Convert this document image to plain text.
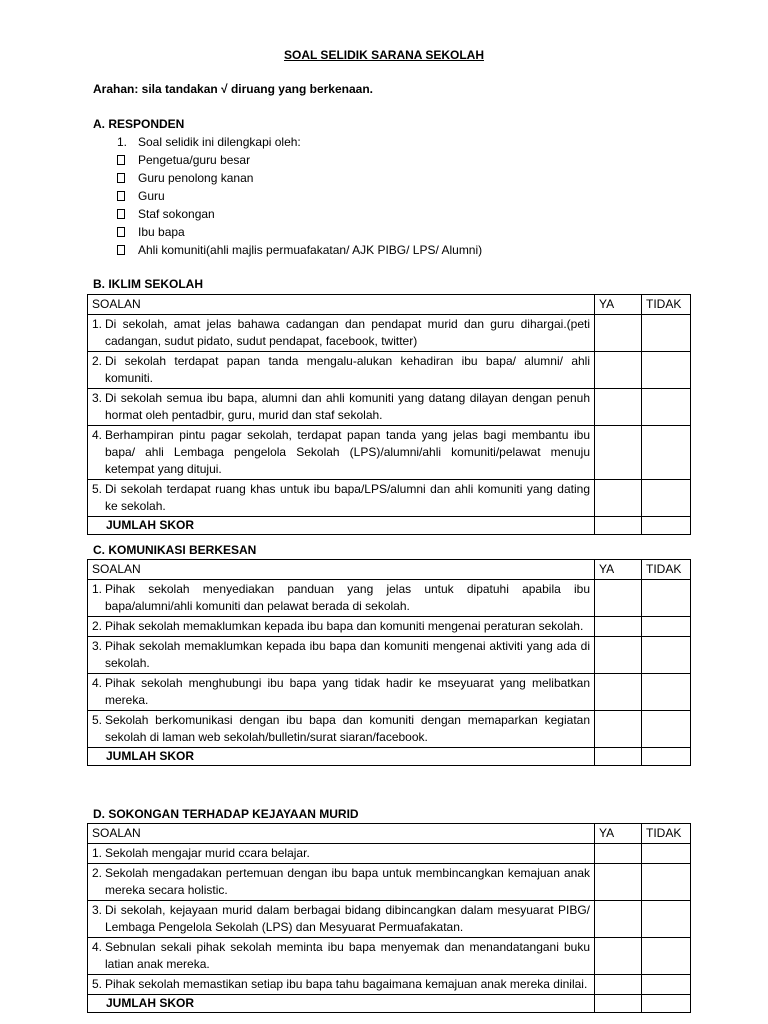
SOAL SELIDIK SARANA SEKOLAH
Arahan: sila tandakan √ diruang yang berkenaan.
A. RESPONDEN
1. Soal selidik ini dilengkapi oleh:
Pengetua/guru besar
Guru penolong kanan
Guru
Staf sokongan
Ibu bapa
Ahli komuniti(ahli majlis permuafakatan/ AJK PIBG/ LPS/ Alumni)
B. IKLIM SEKOLAH
SOALAN	YA	TIDAK

1. Di sekolah, amat jelas bahawa cadangan dan pendapat murid dan guru dihargai.(peti cadangan, sudut pidato, sudut pendapat, facebook, twitter)		

2. Di sekolah terdapat papan tanda mengalu-alukan kehadiran ibu bapa/ alumni/ ahli komuniti.		

3. Di sekolah semua ibu bapa, alumni dan ahli komuniti yang datang dilayan dengan penuh hormat oleh pentadbir, guru, murid dan staf sekolah.		

4. Berhampiran pintu pagar sekolah, terdapat papan tanda yang jelas bagi membantu ibu bapa/ ahli Lembaga pengelola Sekolah (LPS)/alumni/ahli komuniti/pelawat menuju ketempat yang ditujui.		

5. Di sekolah terdapat ruang khas untuk ibu bapa/LPS/alumni dan ahli komuniti yang dating ke sekolah.		

JUMLAH SKOR		
C. KOMUNIKASI BERKESAN
SOALAN	YA	TIDAK

1. Pihak sekolah menyediakan panduan yang jelas untuk dipatuhi apabila ibu bapa/alumni/ahli komuniti dan pelawat berada di sekolah.		

2. Pihak sekolah memaklumkan kepada ibu bapa dan komuniti mengenai peraturan sekolah.		

3. Pihak sekolah memaklumkan kepada ibu bapa dan komuniti mengenai aktiviti yang ada di sekolah.		

4. Pihak sekolah menghubungi ibu bapa yang tidak hadir ke mseyuarat yang melibatkan mereka.		

5. Sekolah berkomunikasi dengan ibu bapa dan komuniti dengan memaparkan kegiatan sekolah di laman web sekolah/bulletin/surat siaran/facebook.		

JUMLAH SKOR		
D. SOKONGAN TERHADAP KEJAYAAN MURID
SOALAN	YA	TIDAK

1. Sekolah mengajar murid ccara belajar.		

2. Sekolah mengadakan pertemuan dengan ibu bapa untuk membincangkan kemajuan anak mereka secara holistic.		

3. Di sekolah, kejayaan murid dalam berbagai bidang dibincangkan dalam mesyuarat PIBG/ Lembaga Pengelola Sekolah (LPS) dan Mesyuarat Permuafakatan.		

4. Sebnulan sekali pihak sekolah meminta ibu bapa menyemak dan menandatangani buku latian anak mereka.		

5. Pihak sekolah memastikan setiap ibu bapa tahu bagaimana kemajuan anak mereka dinilai.		

JUMLAH SKOR		
